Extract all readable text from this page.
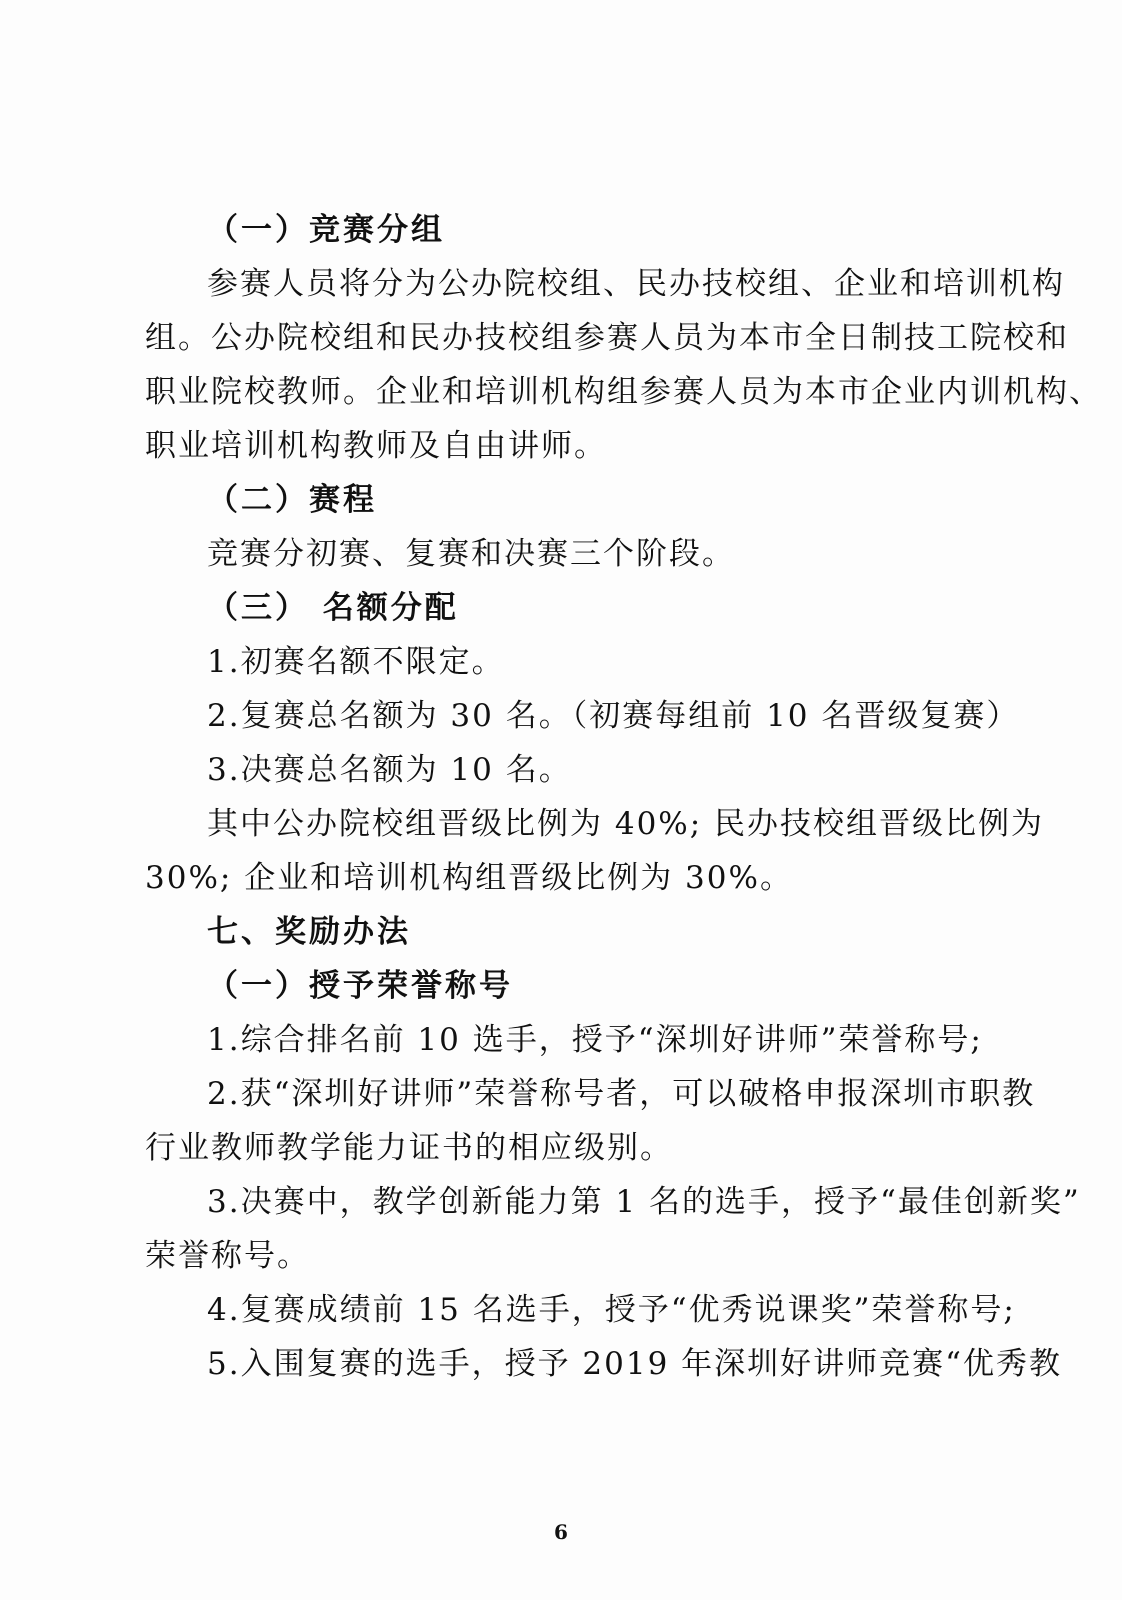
（一）竞赛分组
参赛人员将分为公办院校组、民办技校组、企业和培训机构
组。公办院校组和民办技校组参赛人员为本市全日制技工院校和
职业院校教师。企业和培训机构组参赛人员为本市企业内训机构、
职业培训机构教师及自由讲师。
（二）赛程
竞赛分初赛、复赛和决赛三个阶段。
（三） 名额分配
1.初赛名额不限定。
2.复赛总名额为 30 名。（初赛每组前 10 名晋级复赛）
3.决赛总名额为 10 名。
其中公办院校组晋级比例为 40%; 民办技校组晋级比例为
30%; 企业和培训机构组晋级比例为 30%。
七、奖励办法
（一）授予荣誉称号
1.综合排名前 10 选手，授予“深圳好讲师”荣誉称号;
2.获“深圳好讲师”荣誉称号者，可以破格申报深圳市职教
行业教师教学能力证书的相应级别。
3.决赛中，教学创新能力第 1 名的选手，授予“最佳创新奖”
荣誉称号。
4.复赛成绩前 15 名选手，授予“优秀说课奖”荣誉称号;
5.入围复赛的选手，授予 2019 年深圳好讲师竞赛“优秀教
6
